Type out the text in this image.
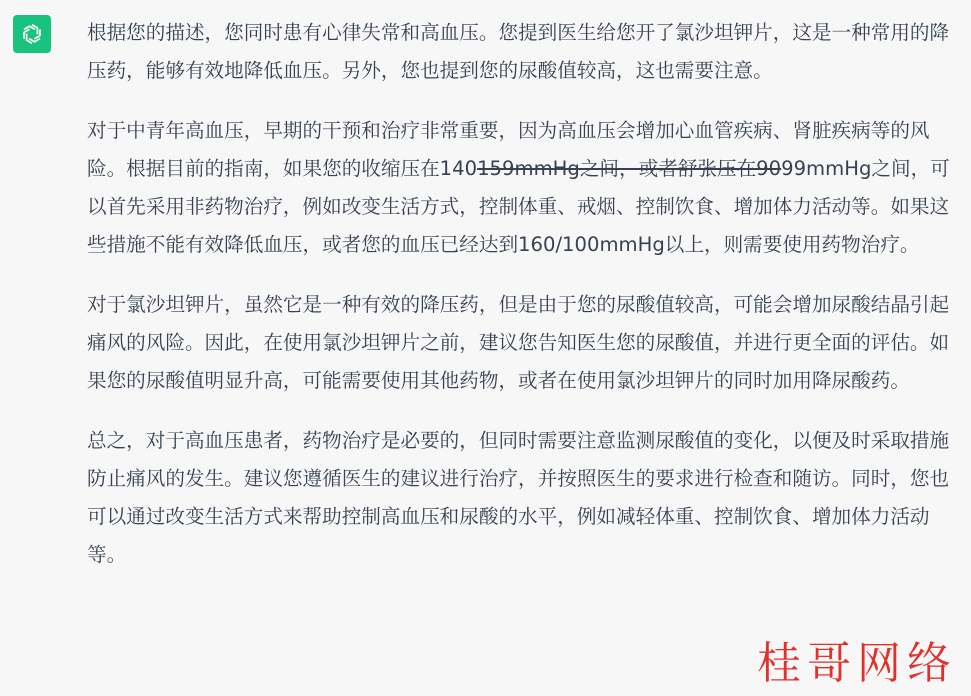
根据您的描述，您同时患有心律失常和高血压。您提到医生给您开了氯沙坦钾片，这是一种常用的降压药，能够有效地降低血压。另外，您也提到您的尿酸值较高，这也需要注意。

对于中青年高血压，早期的干预和治疗非常重要，因为高血压会增加心血管疾病、肾脏疾病等的风险。根据目前的指南，如果您的收缩压在140159mmHg之间，或者舒张压在9099mmHg之间，可以首先采用非药物治疗，例如改变生活方式，控制体重、戒烟、控制饮食、增加体力活动等。如果这些措施不能有效降低血压，或者您的血压已经达到160/100mmHg以上，则需要使用药物治疗。

对于氯沙坦钾片，虽然它是一种有效的降压药，但是由于您的尿酸值较高，可能会增加尿酸结晶引起痛风的风险。因此，在使用氯沙坦钾片之前，建议您告知医生您的尿酸值，并进行更全面的评估。如果您的尿酸值明显升高，可能需要使用其他药物，或者在使用氯沙坦钾片的同时加用降尿酸药。

总之，对于高血压患者，药物治疗是必要的，但同时需要注意监测尿酸值的变化，以便及时采取措施防止痛风的发生。建议您遵循医生的建议进行治疗，并按照医生的要求进行检查和随访。同时，您也可以通过改变生活方式来帮助控制高血压和尿酸的水平，例如减轻体重、控制饮食、增加体力活动等。

桂哥网络
